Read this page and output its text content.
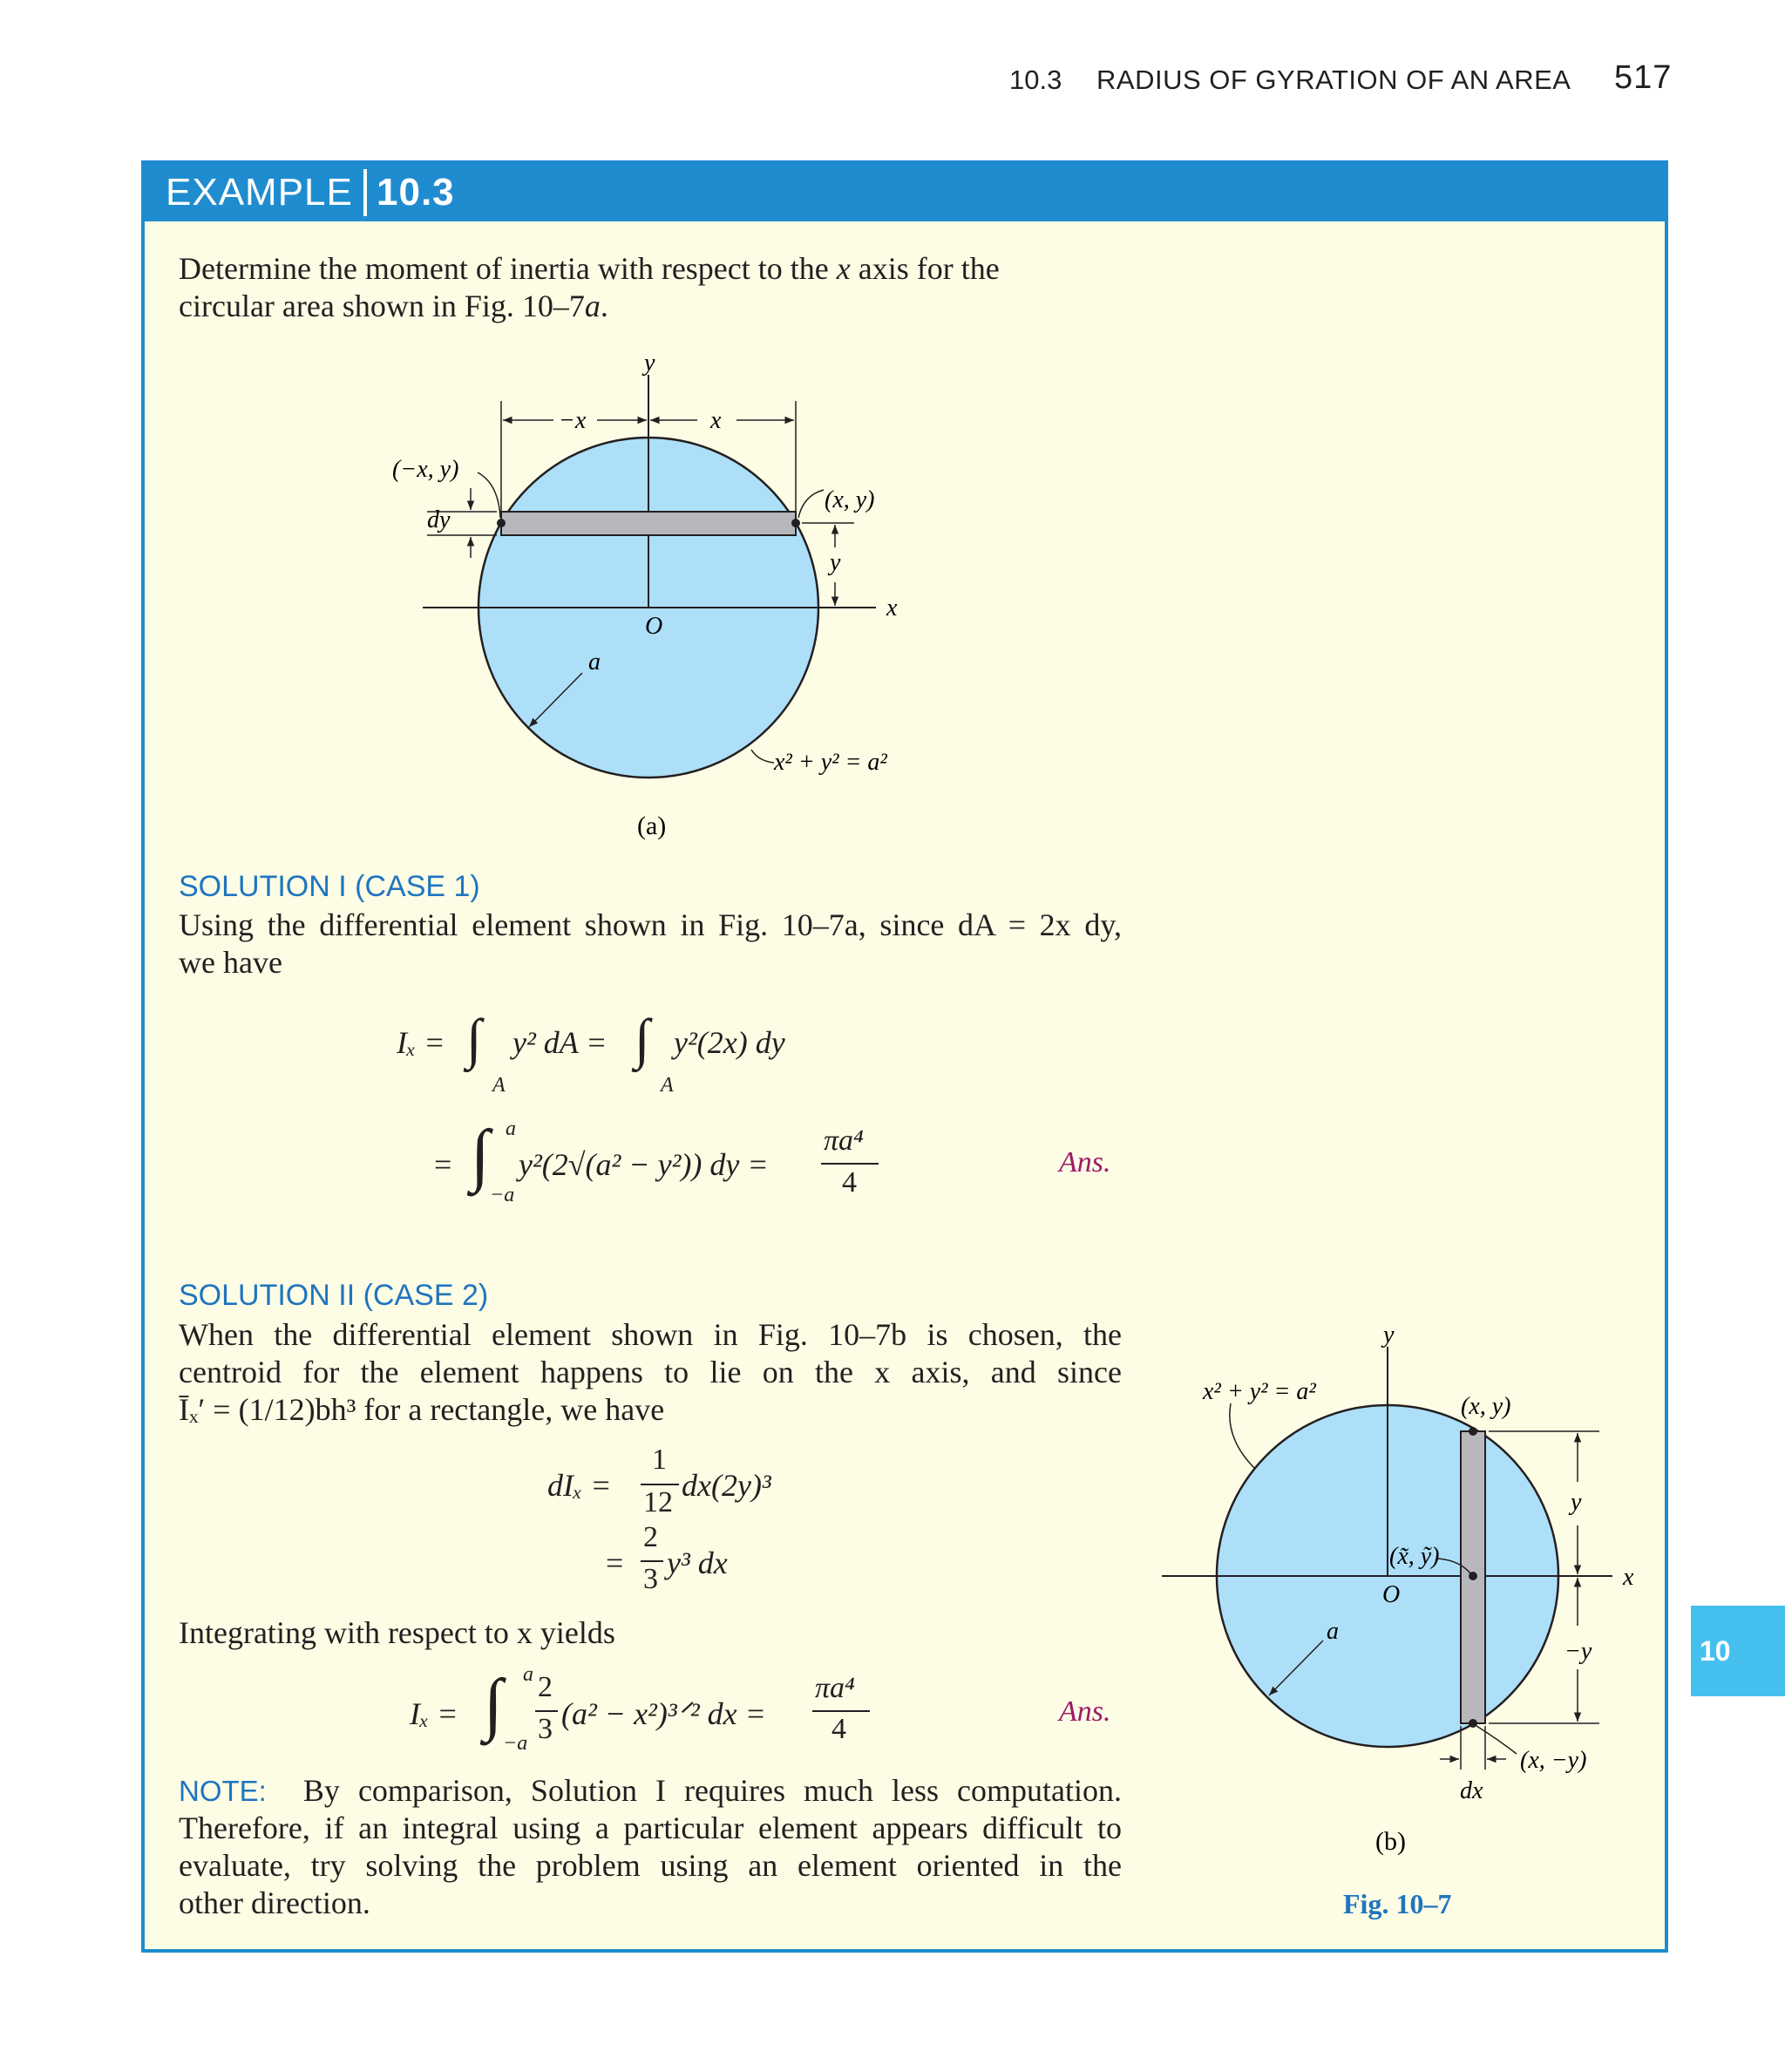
10.3 RADIUS OF GYRATION OF AN AREA 517
EXAMPLE 10.3
Determine the moment of inertia with respect to the x axis for the
circular area shown in Fig. 10–7a.
y
−x	x
(−x, y)
dy
(x, y)
y
x
O
a
x² + y² = a²
(a)
SOLUTION I (CASE 1)
Using the differential element shown in Fig. 10–7a, since dA = 2x dy,
we have
Iₓ = ∫
A
y² dA = ∫
A
y²(2x) dy
= ∫ a
−a
y²(2√(a² − y²)) dy =
πa⁴
4
Ans.
SOLUTION II (CASE 2)
When the differential element shown in Fig. 10–7b is chosen, the
centroid for the element happens to lie on the x axis, and since
Īₓ′ = (1/12)bh³ for a rectangle, we have
dIₓ =
1
12 dx(2y)³
=
2
3 y³ dx
Integrating with respect to x yields
Iₓ = ∫ a
−a
2
3 (a² − x²)³ᐟ² dx =
πa⁴
4
Ans.
NOTE: By comparison, Solution I requires much less computation.
Therefore, if an integral using a particular element appears difficult to
evaluate, try solving the problem using an element oriented in the
other direction.
y
x² + y² = a²
(x, y)
y
(x̃, ỹ)
x
O
a
−y
(x, −y)
dx
(b)
Fig. 10–7
10
